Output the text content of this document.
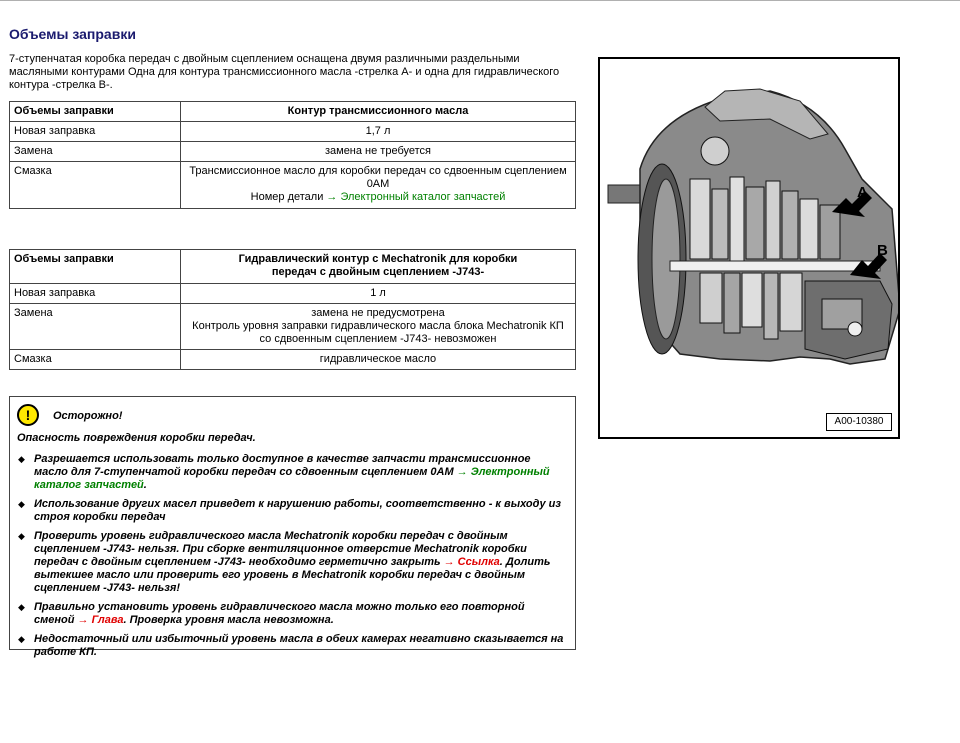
Объемы заправки
7-ступенчатая коробка передач с двойным сцеплением оснащена двумя различными раздельными масляными контурами Одна для контура трансмиссионного масла -стрелка А- и одна для гидравлического контура -стрелка В-.
Объемы заправки	Контур трансмиссионного масла
Новая заправка	1,7 л
Замена	замена не требуется
Смазка	Трансмиссионное масло для коробки передач со сдвоенным сцеплением 0AM
Номер детали → Электронный каталог запчастей
Объемы заправки	Гидравлический контур с Mechatronik для коробки передач с двойным сцеплением -J743-
Новая заправка	1 л
Замена	замена не предусмотрена
Контроль уровня заправки гидравлического масла блока Mechatronik КП со сдвоенным сцеплением -J743- невозможен
Смазка	гидравлическое масло
!	Осторожно!
Опасность повреждения коробки передач.
◆ Разрешается использовать только доступное в качестве запчасти трансмиссионное масло для 7-ступенчатой коробки передач со сдвоенным сцеплением 0AM → Электронный каталог запчастей.
◆ Использование других масел приведет к нарушению работы, соответственно - к выходу из строя коробки передач
◆ Проверить уровень гидравлического масла Mechatronik коробки передач с двойным сцеплением -J743- нельзя. При сборке вентиляционное отверстие Mechatronik коробки передач с двойным сцеплением -J743- необходимо герметично закрыть → Ссылка. Долить вытекшее масло или проверить его уровень в Mechatronik коробки передач с двойным сцеплением -J743- нельзя!
◆ Правильно установить уровень гидравлического масла можно только его повторной сменой → Глава. Проверка уровня масла невозможна.
◆ Недостаточный или избыточный уровень масла в обеих камерах негативно сказывается на работе КП.
A
B
A00-10380
